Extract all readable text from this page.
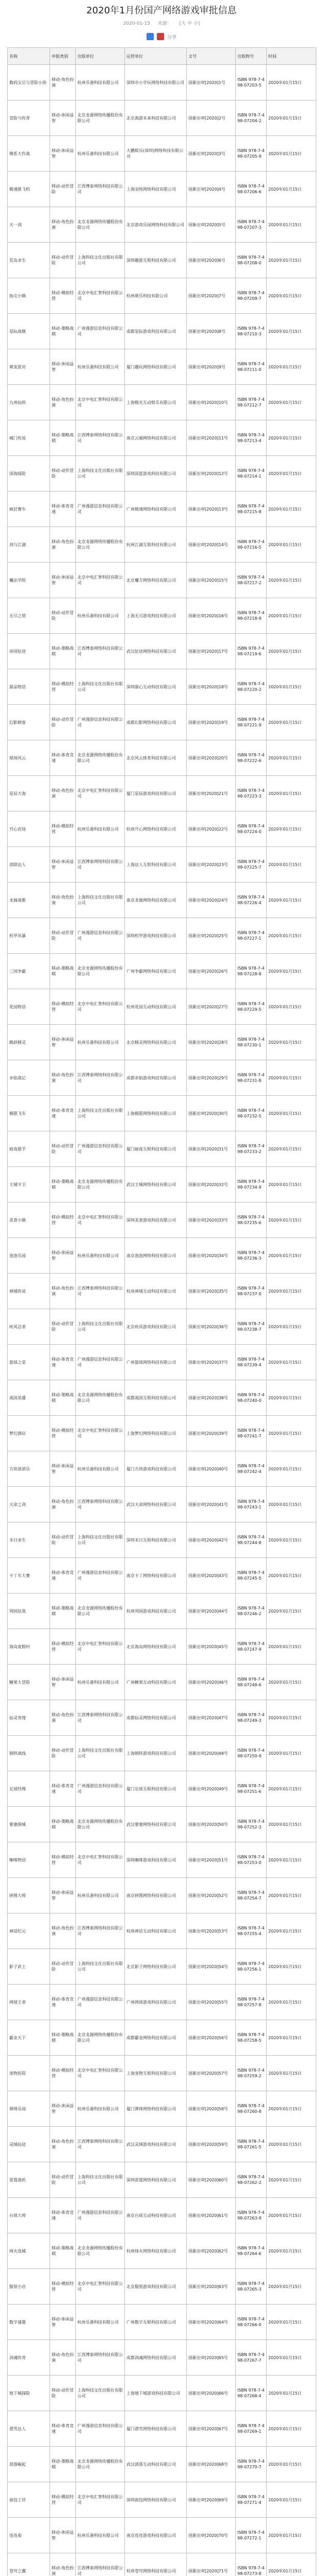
2020年1月份国产网络游戏审批信息
2020-01-15 来源： [大 中 小]
分享
名称	申报类别	出版单位	运营单位	文号	出版物号	时间
数码宝贝与冒险小孩	移动-角色扮演	杭州乐港科技有限公司	深圳市小学玩网络科技有限公司	国新出审[2020]1号	ISBN 978-7-498-07203-5	2020年01月15日
冒险与传奇	移动-休闲益智	北京龙源网络传播股份有限公司	北京海游未来科技有限公司	国新出审[2020]2号	ISBN 978-7-498-07204-2	2020年01月15日
佛系大作战	移动-休闲益智	杭州乐港科技有限公司	大鹏娱乐(深圳)网络科技有限公司	国新出审[2020]3号	ISBN 978-7-498-07205-9	2020年01月15日
极速推飞机	移动-动作冒险	江西博泰网络科技有限公司	上海羽悦网络科技有限公司	国新出审[2020]4号	ISBN 978-7-498-07206-6	2020年01月15日
天一剑	移动-角色扮演	北京龙源网络传播股份有限公司	北京游戏乐园网络科技有限公司	国新出审[2020]5号	ISBN 978-7-498-07207-3	2020年01月15日
荒岛求生	移动-动作冒险	上海科技文化出版社有限公司	深圳趣游互娱科技有限公司	国新出审[2020]6号	ISBN 978-7-498-07208-0	2020年01月15日
指尖小镇	移动-模拟经营	北京中电汇智科技有限公司	杭州萌乐科技有限公司	国新出审[2020]7号	ISBN 978-7-498-07209-7	2020年01月15日
星际战舰	移动-策略战棋	广州漫游信息科技有限公司	成都星际游戏科技有限公司	国新出审[2020]8号	ISBN 978-7-498-07210-3	2020年01月15日
萌宠派对	移动-休闲益智	杭州乐港科技有限公司	厦门趣玩网络科技有限公司	国新出审[2020]9号	ISBN 978-7-498-07211-0	2020年01月15日
九州仙侠	移动-角色扮演	北京中电汇智科技有限公司	上海极光互动娱乐有限公司	国新出审[2020]10号	ISBN 978-7-498-07212-7	2020年01月15日
城门传说	移动-策略战棋	江西博泰网络科技有限公司	南京云端网络科技有限公司	国新出审[2020]11号	ISBN 978-7-498-07213-4	2020年01月15日
深海探险	移动-动作冒险	上海科技文化出版社有限公司	深圳深蓝游戏科技有限公司	国新出审[2020]12号	ISBN 978-7-498-07214-1	2020年01月15日
疯狂赛车	移动-体育竞速	广州漫游信息科技有限公司	广州极速网络科技有限公司	国新出审[2020]13号	ISBN 978-7-498-07215-8	2020年01月15日
剑与江湖	移动-角色扮演	北京龙源网络传播股份有限公司	杭州江湖互娱科技有限公司	国新出审[2020]14号	ISBN 978-7-498-07216-5	2020年01月15日
魔法学院	移动-休闲益智	北京中电汇智科技有限公司	北京魔方网络科技有限公司	国新出审[2020]15号	ISBN 978-7-498-07217-2	2020年01月15日
无尽之塔	移动-动作冒险	杭州乐港科技有限公司	上海无尽游戏科技有限公司	国新出审[2020]16号	ISBN 978-7-498-07218-9	2020年01月15日
帝国征途	移动-策略战棋	江西博泰网络科技有限公司	武汉征途网络科技有限公司	国新出审[2020]17号	ISBN 978-7-498-07219-6	2020年01月15日
甜品物语	移动-模拟经营	上海科技文化出版社有限公司	深圳甜心互动科技有限公司	国新出审[2020]18号	ISBN 978-7-498-07220-2	2020年01月15日
幻影刺客	移动-动作冒险	广州漫游信息科技有限公司	成都幻影网络科技有限公司	国新出审[2020]19号	ISBN 978-7-498-07221-9	2020年01月15日
球场风云	移动-体育竞速	北京龙源网络传播股份有限公司	北京风云体育科技有限公司	国新出审[2020]20号	ISBN 978-7-498-07222-6	2020年01月15日
星辰大海	移动-角色扮演	北京中电汇智科技有限公司	厦门星辰游戏科技有限公司	国新出审[2020]21号	ISBN 978-7-498-07223-3	2020年01月15日
开心农场	移动-模拟经营	杭州乐港科技有限公司	杭州开心网络科技有限公司	国新出审[2020]22号	ISBN 978-7-498-07224-0	2020年01月15日
消除达人	移动-休闲益智	江西博泰网络科技有限公司	上海达人互娱科技有限公司	国新出审[2020]23号	ISBN 978-7-498-07225-7	2020年01月15日
龙骑战歌	移动-角色扮演	上海科技文化出版社有限公司	南京龙骑网络科技有限公司	国新出审[2020]24号	ISBN 978-7-498-07226-4	2020年01月15日
机甲风暴	移动-动作冒险	广州漫游信息科技有限公司	深圳机甲游戏科技有限公司	国新出审[2020]25号	ISBN 978-7-498-07227-1	2020年01月15日
三国争霸	移动-策略战棋	北京龙源网络传播股份有限公司	广州争霸网络科技有限公司	国新出审[2020]26号	ISBN 978-7-498-07228-8	2020年01月15日
花园物语	移动-模拟经营	北京中电汇智科技有限公司	杭州花园互动科技有限公司	国新出审[2020]27号	ISBN 978-7-498-07229-5	2020年01月15日
跳跃精灵	移动-休闲益智	杭州乐港科技有限公司	北京精灵网络科技有限公司	国新出审[2020]28号	ISBN 978-7-498-07230-1	2020年01月15日
赤焰战记	移动-角色扮演	江西博泰网络科技有限公司	成都赤焰游戏科技有限公司	国新出审[2020]29号	ISBN 978-7-498-07231-8	2020年01月15日
极限飞车	移动-体育竞速	上海科技文化出版社有限公司	上海极限网络科技有限公司	国新出审[2020]30号	ISBN 978-7-498-07232-5	2020年01月15日
暗夜猎手	移动-动作冒险	广州漫游信息科技有限公司	厦门暗夜互娱科技有限公司	国新出审[2020]31号	ISBN 978-7-498-07233-2	2020年01月15日
王城守卫	移动-策略战棋	北京龙源网络传播股份有限公司	武汉王城网络科技有限公司	国新出审[2020]32号	ISBN 978-7-498-07234-9	2020年01月15日
美食小镇	移动-模拟经营	北京中电汇智科技有限公司	深圳美食游戏科技有限公司	国新出审[2020]33号	ISBN 978-7-498-07235-6	2020年01月15日
泡泡乐园	移动-休闲益智	杭州乐港科技有限公司	南京泡泡网络科技有限公司	国新出审[2020]34号	ISBN 978-7-498-07236-3	2020年01月15日
神域传说	移动-角色扮演	江西博泰网络科技有限公司	杭州神域互动科技有限公司	国新出审[2020]35号	ISBN 978-7-498-07237-0	2020年01月15日
疾风忍者	移动-动作冒险	上海科技文化出版社有限公司	北京疾风游戏科技有限公司	国新出审[2020]36号	ISBN 978-7-498-07238-7	2020年01月15日
篮球之星	移动-体育竞速	广州漫游信息科技有限公司	广州篮球网络科技有限公司	国新出审[2020]37号	ISBN 978-7-498-07239-4	2020年01月15日
战国英雄	移动-策略战棋	北京龙源网络传播股份有限公司	成都战国互娱科技有限公司	国新出审[2020]38号	ISBN 978-7-498-07240-0	2020年01月15日
梦幻酒店	移动-模拟经营	北京中电汇智科技有限公司	上海梦幻网络科技有限公司	国新出审[2020]39号	ISBN 978-7-498-07241-7	2020年01月15日
方块消消乐	移动-休闲益智	杭州乐港科技有限公司	厦门方块游戏科技有限公司	国新出审[2020]40号	ISBN 978-7-498-07242-4	2020年01月15日
天命之剑	移动-角色扮演	江西博泰网络科技有限公司	武汉天命网络科技有限公司	国新出审[2020]41号	ISBN 978-7-498-07243-1	2020年01月15日
末日求生	移动-动作冒险	上海科技文化出版社有限公司	深圳末日互娱科技有限公司	国新出审[2020]42号	ISBN 978-7-498-07244-8	2020年01月15日
卡丁车大赛	移动-体育竞速	广州漫游信息科技有限公司	南京卡丁网络科技有限公司	国新出审[2020]43号	ISBN 978-7-498-07245-5	2020年01月15日
列国征战	移动-策略战棋	北京龙源网络传播股份有限公司	杭州列国游戏科技有限公司	国新出审[2020]44号	ISBN 978-7-498-07246-2	2020年01月15日
海岛度假村	移动-模拟经营	北京中电汇智科技有限公司	北京海岛网络科技有限公司	国新出审[2020]45号	ISBN 978-7-498-07247-9	2020年01月15日
糖果大冒险	移动-休闲益智	杭州乐港科技有限公司	广州糖果互动科技有限公司	国新出审[2020]46号	ISBN 978-7-498-07248-6	2020年01月15日
仙灵奇缘	移动-角色扮演	江西博泰网络科技有限公司	成都仙灵网络科技有限公司	国新出审[2020]47号	ISBN 978-7-498-07249-3	2020年01月15日
钢铁战线	移动-动作冒险	上海科技文化出版社有限公司	上海钢铁游戏科技有限公司	国新出审[2020]48号	ISBN 978-7-498-07250-9	2020年01月15日
足球经理	移动-体育竞速	广州漫游信息科技有限公司	厦门足球互娱科技有限公司	国新出审[2020]49号	ISBN 978-7-498-07251-6	2020年01月15日
要塞围城	移动-策略战棋	北京龙源网络传播股份有限公司	武汉要塞网络科技有限公司	国新出审[2020]50号	ISBN 978-7-498-07252-3	2020年01月15日
咖啡物语	移动-模拟经营	北京中电汇智科技有限公司	深圳咖啡游戏科技有限公司	国新出审[2020]51号	ISBN 978-7-498-07253-0	2020年01月15日
拼图大师	移动-休闲益智	杭州乐港科技有限公司	南京拼图网络科技有限公司	国新出审[2020]52号	ISBN 978-7-498-07254-7	2020年01月15日
神话纪元	移动-角色扮演	江西博泰网络科技有限公司	杭州神话互动科技有限公司	国新出审[2020]53号	ISBN 978-7-498-07255-4	2020年01月15日
影子武士	移动-动作冒险	上海科技文化出版社有限公司	北京影子网络科技有限公司	国新出审[2020]54号	ISBN 978-7-498-07256-1	2020年01月15日
网球王者	移动-体育竞速	广州漫游信息科技有限公司	广州网球游戏科技有限公司	国新出审[2020]55号	ISBN 978-7-498-07257-8	2020年01月15日
霸业天下	移动-策略战棋	北京龙源网络传播股份有限公司	成都霸业网络科技有限公司	国新出审[2020]56号	ISBN 978-7-498-07258-5	2020年01月15日
宠物医院	移动-模拟经营	北京中电汇智科技有限公司	上海宠物互娱科技有限公司	国新出审[2020]57号	ISBN 978-7-498-07259-2	2020年01月15日
弹珠乐园	移动-休闲益智	杭州乐港科技有限公司	厦门弹珠网络科技有限公司	国新出审[2020]58号	ISBN 978-7-498-07260-8	2020年01月15日
灵域仙途	移动-角色扮演	江西博泰网络科技有限公司	武汉灵域游戏科技有限公司	国新出审[2020]59号	ISBN 978-7-498-07261-5	2020年01月15日
雷霆战机	移动-动作冒险	上海科技文化出版社有限公司	深圳雷霆网络科技有限公司	国新出审[2020]60号	ISBN 978-7-498-07262-2	2020年01月15日
台球大师	移动-体育竞速	广州漫游信息科技有限公司	南京台球互动科技有限公司	国新出审[2020]61号	ISBN 978-7-498-07263-9	2020年01月15日
烽火连城	移动-策略战棋	北京龙源网络传播股份有限公司	杭州烽火网络科技有限公司	国新出审[2020]62号	ISBN 978-7-498-07264-6	2020年01月15日
服装小店	移动-模拟经营	北京中电汇智科技有限公司	北京服装游戏科技有限公司	国新出审[2020]63号	ISBN 978-7-498-07265-3	2020年01月15日
数字谜题	移动-休闲益智	杭州乐港科技有限公司	广州数字互娱科技有限公司	国新出审[2020]64号	ISBN 978-7-498-07266-0	2020年01月15日
剑魂传奇	移动-角色扮演	江西博泰网络科技有限公司	成都剑魂网络科技有限公司	国新出审[2020]65号	ISBN 978-7-498-07267-7	2020年01月15日
地下城探险	移动-动作冒险	上海科技文化出版社有限公司	上海地下城游戏科技有限公司	国新出审[2020]66号	ISBN 978-7-498-07268-4	2020年01月15日
滑雪达人	移动-体育竞速	广州漫游信息科技有限公司	厦门滑雪网络科技有限公司	国新出审[2020]67号	ISBN 978-7-498-07269-1	2020年01月15日
部落崛起	移动-策略战棋	北京龙源网络传播股份有限公司	武汉部落互动科技有限公司	国新出审[2020]68号	ISBN 978-7-498-07270-7	2020年01月15日
面包工坊	移动-模拟经营	北京中电汇智科技有限公司	深圳面包网络科技有限公司	国新出审[2020]69号	ISBN 978-7-498-07271-4	2020年01月15日
连连看	移动-休闲益智	杭州乐港科技有限公司	南京连连游戏科技有限公司	国新出审[2020]70号	ISBN 978-7-498-07272-1	2020年01月15日
苍穹之翼	移动-角色扮演	江西博泰网络科技有限公司	杭州苍穹网络科技有限公司	国新出审[2020]71号	ISBN 978-7-498-07273-8	2020年01月15日
